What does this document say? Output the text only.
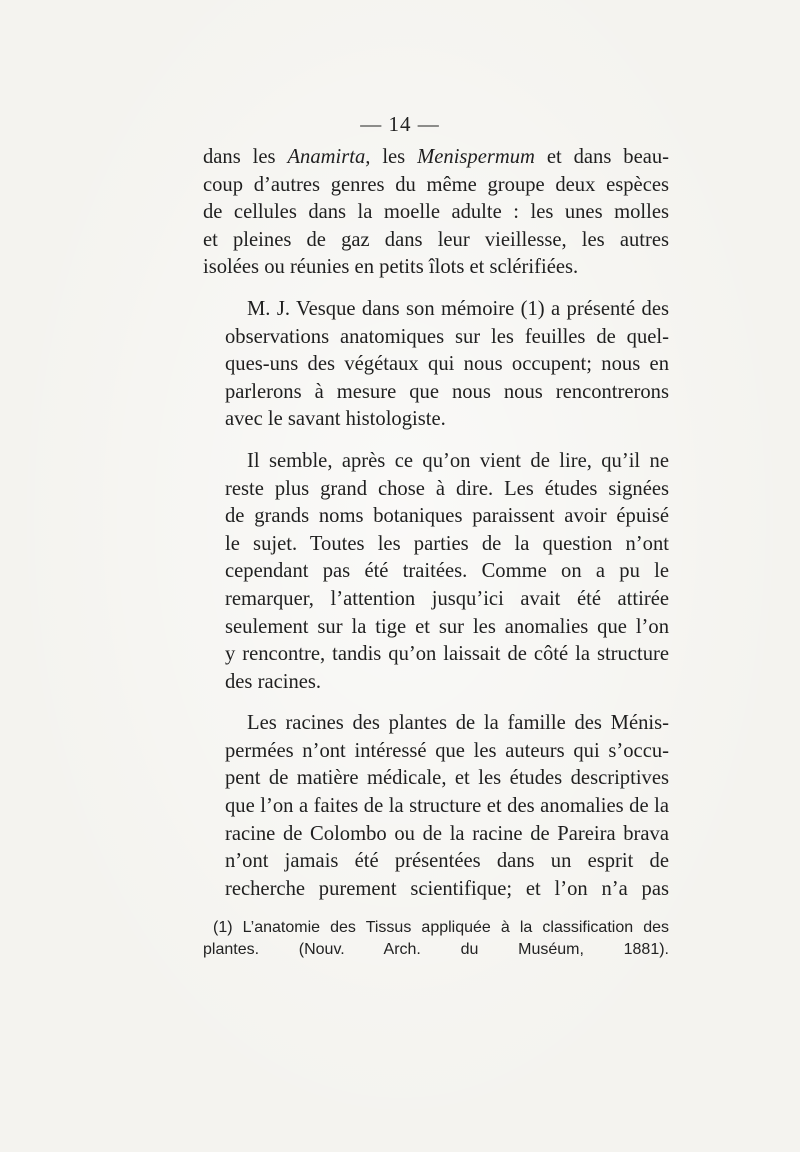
— 14 —
dans les Anamirta, les Menispermum et dans beau-
coup d’autres genres du même groupe deux espèces
de cellules dans la moelle adulte : les unes molles
et pleines de gaz dans leur vieillesse, les autres
isolées ou réunies en petits îlots et sclérifiées.
M. J. Vesque dans son mémoire (1) a présenté des
observations anatomiques sur les feuilles de quel-
ques-uns des végétaux qui nous occupent; nous en
parlerons à mesure que nous nous rencontrerons
avec le savant histologiste.
Il semble, après ce qu’on vient de lire, qu’il ne
reste plus grand chose à dire. Les études signées
de grands noms botaniques paraissent avoir épuisé
le sujet. Toutes les parties de la question n’ont
cependant pas été traitées. Comme on a pu le
remarquer, l’attention jusqu’ici avait été attirée
seulement sur la tige et sur les anomalies que l’on
y rencontre, tandis qu’on laissait de côté la structure
des racines.
Les racines des plantes de la famille des Ménis-
permées n’ont intéressé que les auteurs qui s’occu-
pent de matière médicale, et les études descriptives
que l’on a faites de la structure et des anomalies de la
racine de Colombo ou de la racine de Pareira brava
n’ont jamais été présentées dans un esprit de
recherche purement scientifique; et l’on n’a pas
(1) L’anatomie des Tissus appliquée à la classification des
plantes. (Nouv. Arch. du Muséum, 1881).
